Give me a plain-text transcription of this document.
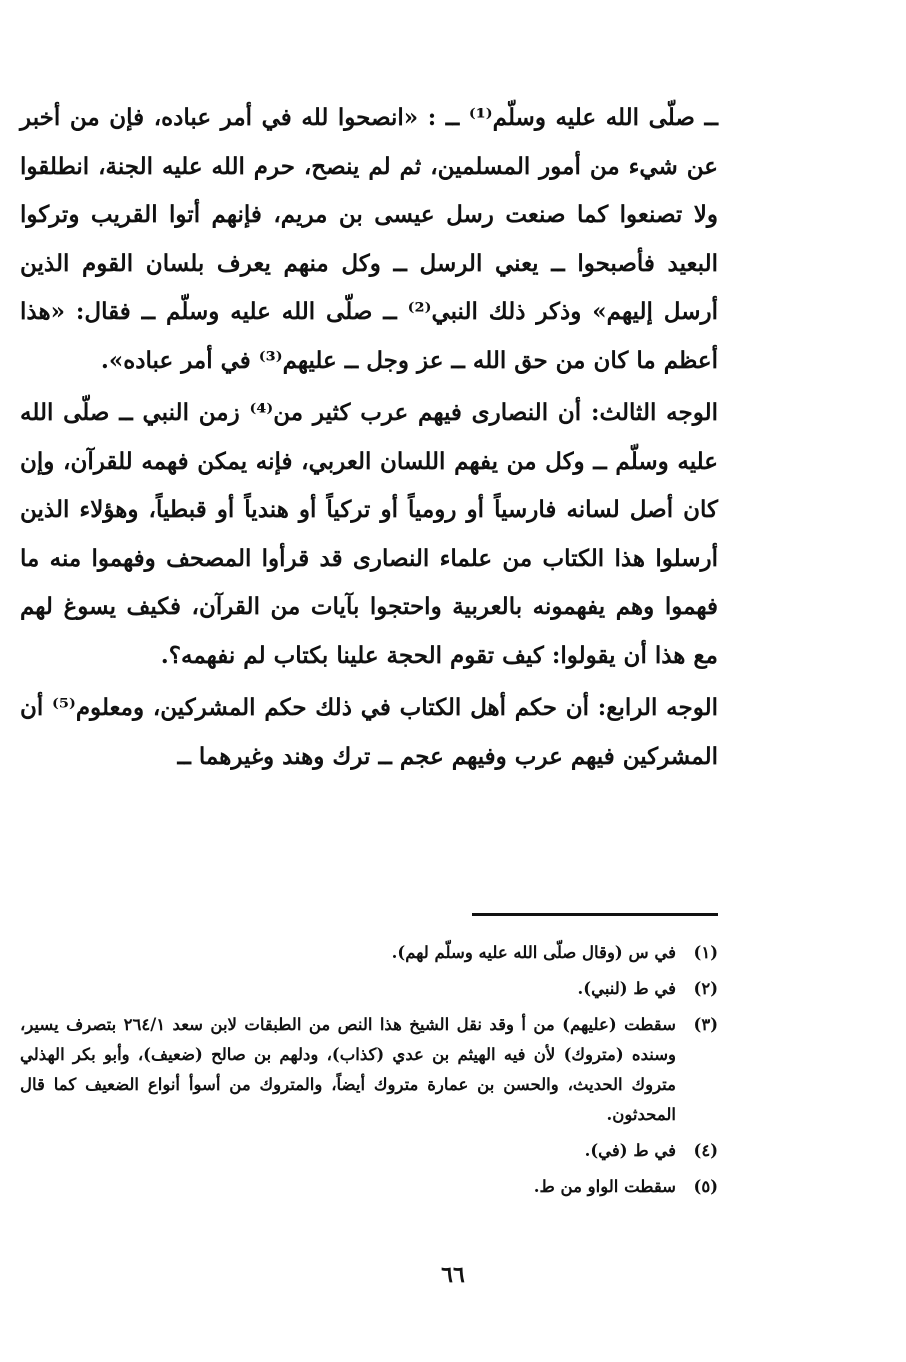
ــ صلّى الله عليه وسلّم⁽¹⁾ ــ : «انصحوا لله في أمر عباده، فإن من أخبر عن شيء من أمور المسلمين، ثم لم ينصح، حرم الله عليه الجنة، انطلقوا ولا تصنعوا كما صنعت رسل عيسى بن مريم، فإنهم أتوا القريب وتركوا البعيد فأصبحوا ــ يعني الرسل ــ وكل منهم يعرف بلسان القوم الذين أرسل إليهم» وذكر ذلك النبي⁽²⁾ ــ صلّى الله عليه وسلّم ــ فقال: «هذا أعظم ما كان من حق الله ــ عز وجل ــ عليهم⁽³⁾ في أمر عباده».

الوجه الثالث: أن النصارى فيهم عرب كثير من⁽⁴⁾ زمن النبي ــ صلّى الله عليه وسلّم ــ وكل من يفهم اللسان العربي، فإنه يمكن فهمه للقرآن، وإن كان أصل لسانه فارسياً أو رومياً أو تركياً أو هندياً أو قبطياً، وهؤلاء الذين أرسلوا هذا الكتاب من علماء النصارى قد قرأوا المصحف وفهموا منه ما فهموا وهم يفهمونه بالعربية واحتجوا بآيات من القرآن، فكيف يسوغ لهم مع هذا أن يقولوا: كيف تقوم الحجة علينا بكتاب لم نفهمه؟.

الوجه الرابع: أن حكم أهل الكتاب في ذلك حكم المشركين، ومعلوم⁽⁵⁾ أن المشركين فيهم عرب وفيهم عجم ــ ترك وهند وغيرهما ــ

(١)
في س (وقال صلّى الله عليه وسلّم لهم).
(٢)
في ط (لنبي).
(٣)
سقطت (عليهم) من أ وقد نقل الشيخ هذا النص من الطبقات لابن سعد ٢٦٤/١ بتصرف يسير، وسنده (متروك) لأن فيه الهيثم بن عدي (كذاب)، ودلهم بن صالح (ضعيف)، وأبو بكر الهذلي متروك الحديث، والحسن بن عمارة متروك أيضاً، والمتروك من أسوأ أنواع الضعيف كما قال المحدثون.
(٤)
في ط (في).
(٥)
سقطت الواو من ط.
٦٦
